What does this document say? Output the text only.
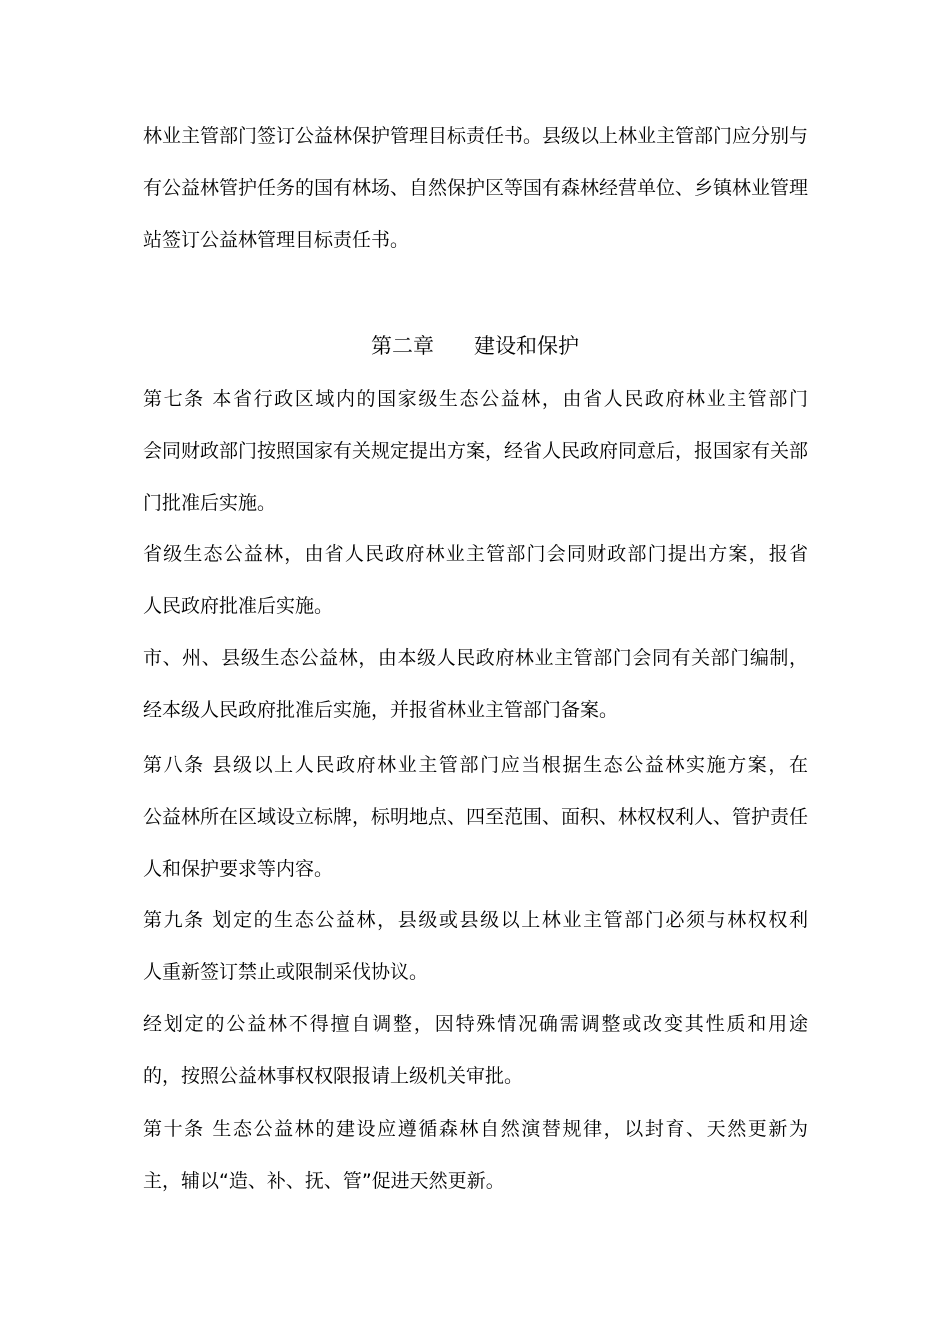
林业主管部门签订公益林保护管理目标责任书。县级以上林业主管部门应分别与
有公益林管护任务的国有林场、自然保护区等国有森林经营单位、乡镇林业管理
站签订公益林管理目标责任书。
第二章      建设和保护
第七条 本省行政区域内的国家级生态公益林，由省人民政府林业主管部门
会同财政部门按照国家有关规定提出方案，经省人民政府同意后，报国家有关部
门批准后实施。
省级生态公益林，由省人民政府林业主管部门会同财政部门提出方案，报省
人民政府批准后实施。
市、州、县级生态公益林，由本级人民政府林业主管部门会同有关部门编制，
经本级人民政府批准后实施，并报省林业主管部门备案。
第八条 县级以上人民政府林业主管部门应当根据生态公益林实施方案，在
公益林所在区域设立标牌，标明地点、四至范围、面积、林权权利人、管护责任
人和保护要求等内容。
第九条 划定的生态公益林，县级或县级以上林业主管部门必须与林权权利
人重新签订禁止或限制采伐协议。
经划定的公益林不得擅自调整，因特殊情况确需调整或改变其性质和用途
的，按照公益林事权权限报请上级机关审批。
第十条 生态公益林的建设应遵循森林自然演替规律，以封育、天然更新为
主，辅以“造、补、抚、管”促进天然更新。
